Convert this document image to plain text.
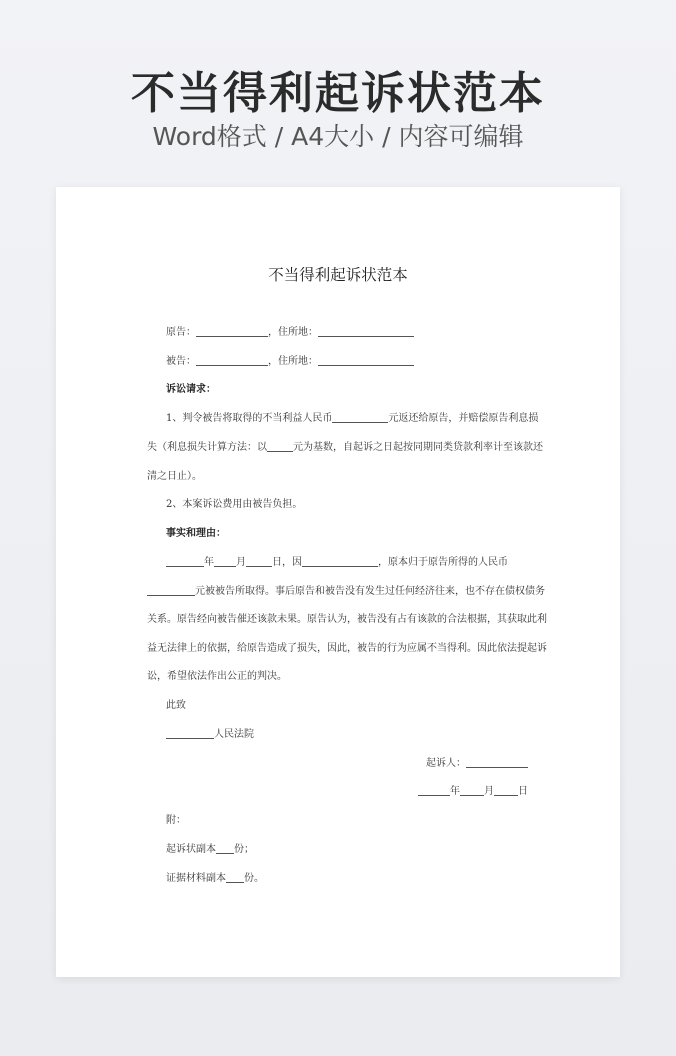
不当得利起诉状范本
Word格式 / A4大小 / 内容可编辑
不当得利起诉状范本
原告：	，住所地：
被告：	，住所地：
诉讼请求：
1、判令被告将取得的不当利益人民币	元返还给原告，并赔偿原告利息损
失（利息损失计算方法：以	元为基数，自起诉之日起按同期同类贷款利率计至该款还
清之日止）。
2、本案诉讼费用由被告负担。
事实和理由：
年 月	日，因	，原本归于原告所得的人民币
元被被告所取得。事后原告和被告没有发生过任何经济往来，也不存在债权债务
关系。原告经向被告催还该款未果。原告认为，被告没有占有该款的合法根据，其获取此利
益无法律上的依据，给原告造成了损失，因此，被告的行为应属不当得利。因此依法提起诉
讼，希望依法作出公正的判决。
此致
人民法院
起诉人：
年 月 日
附：
起诉状副本 份；
证据材料副本 份。
